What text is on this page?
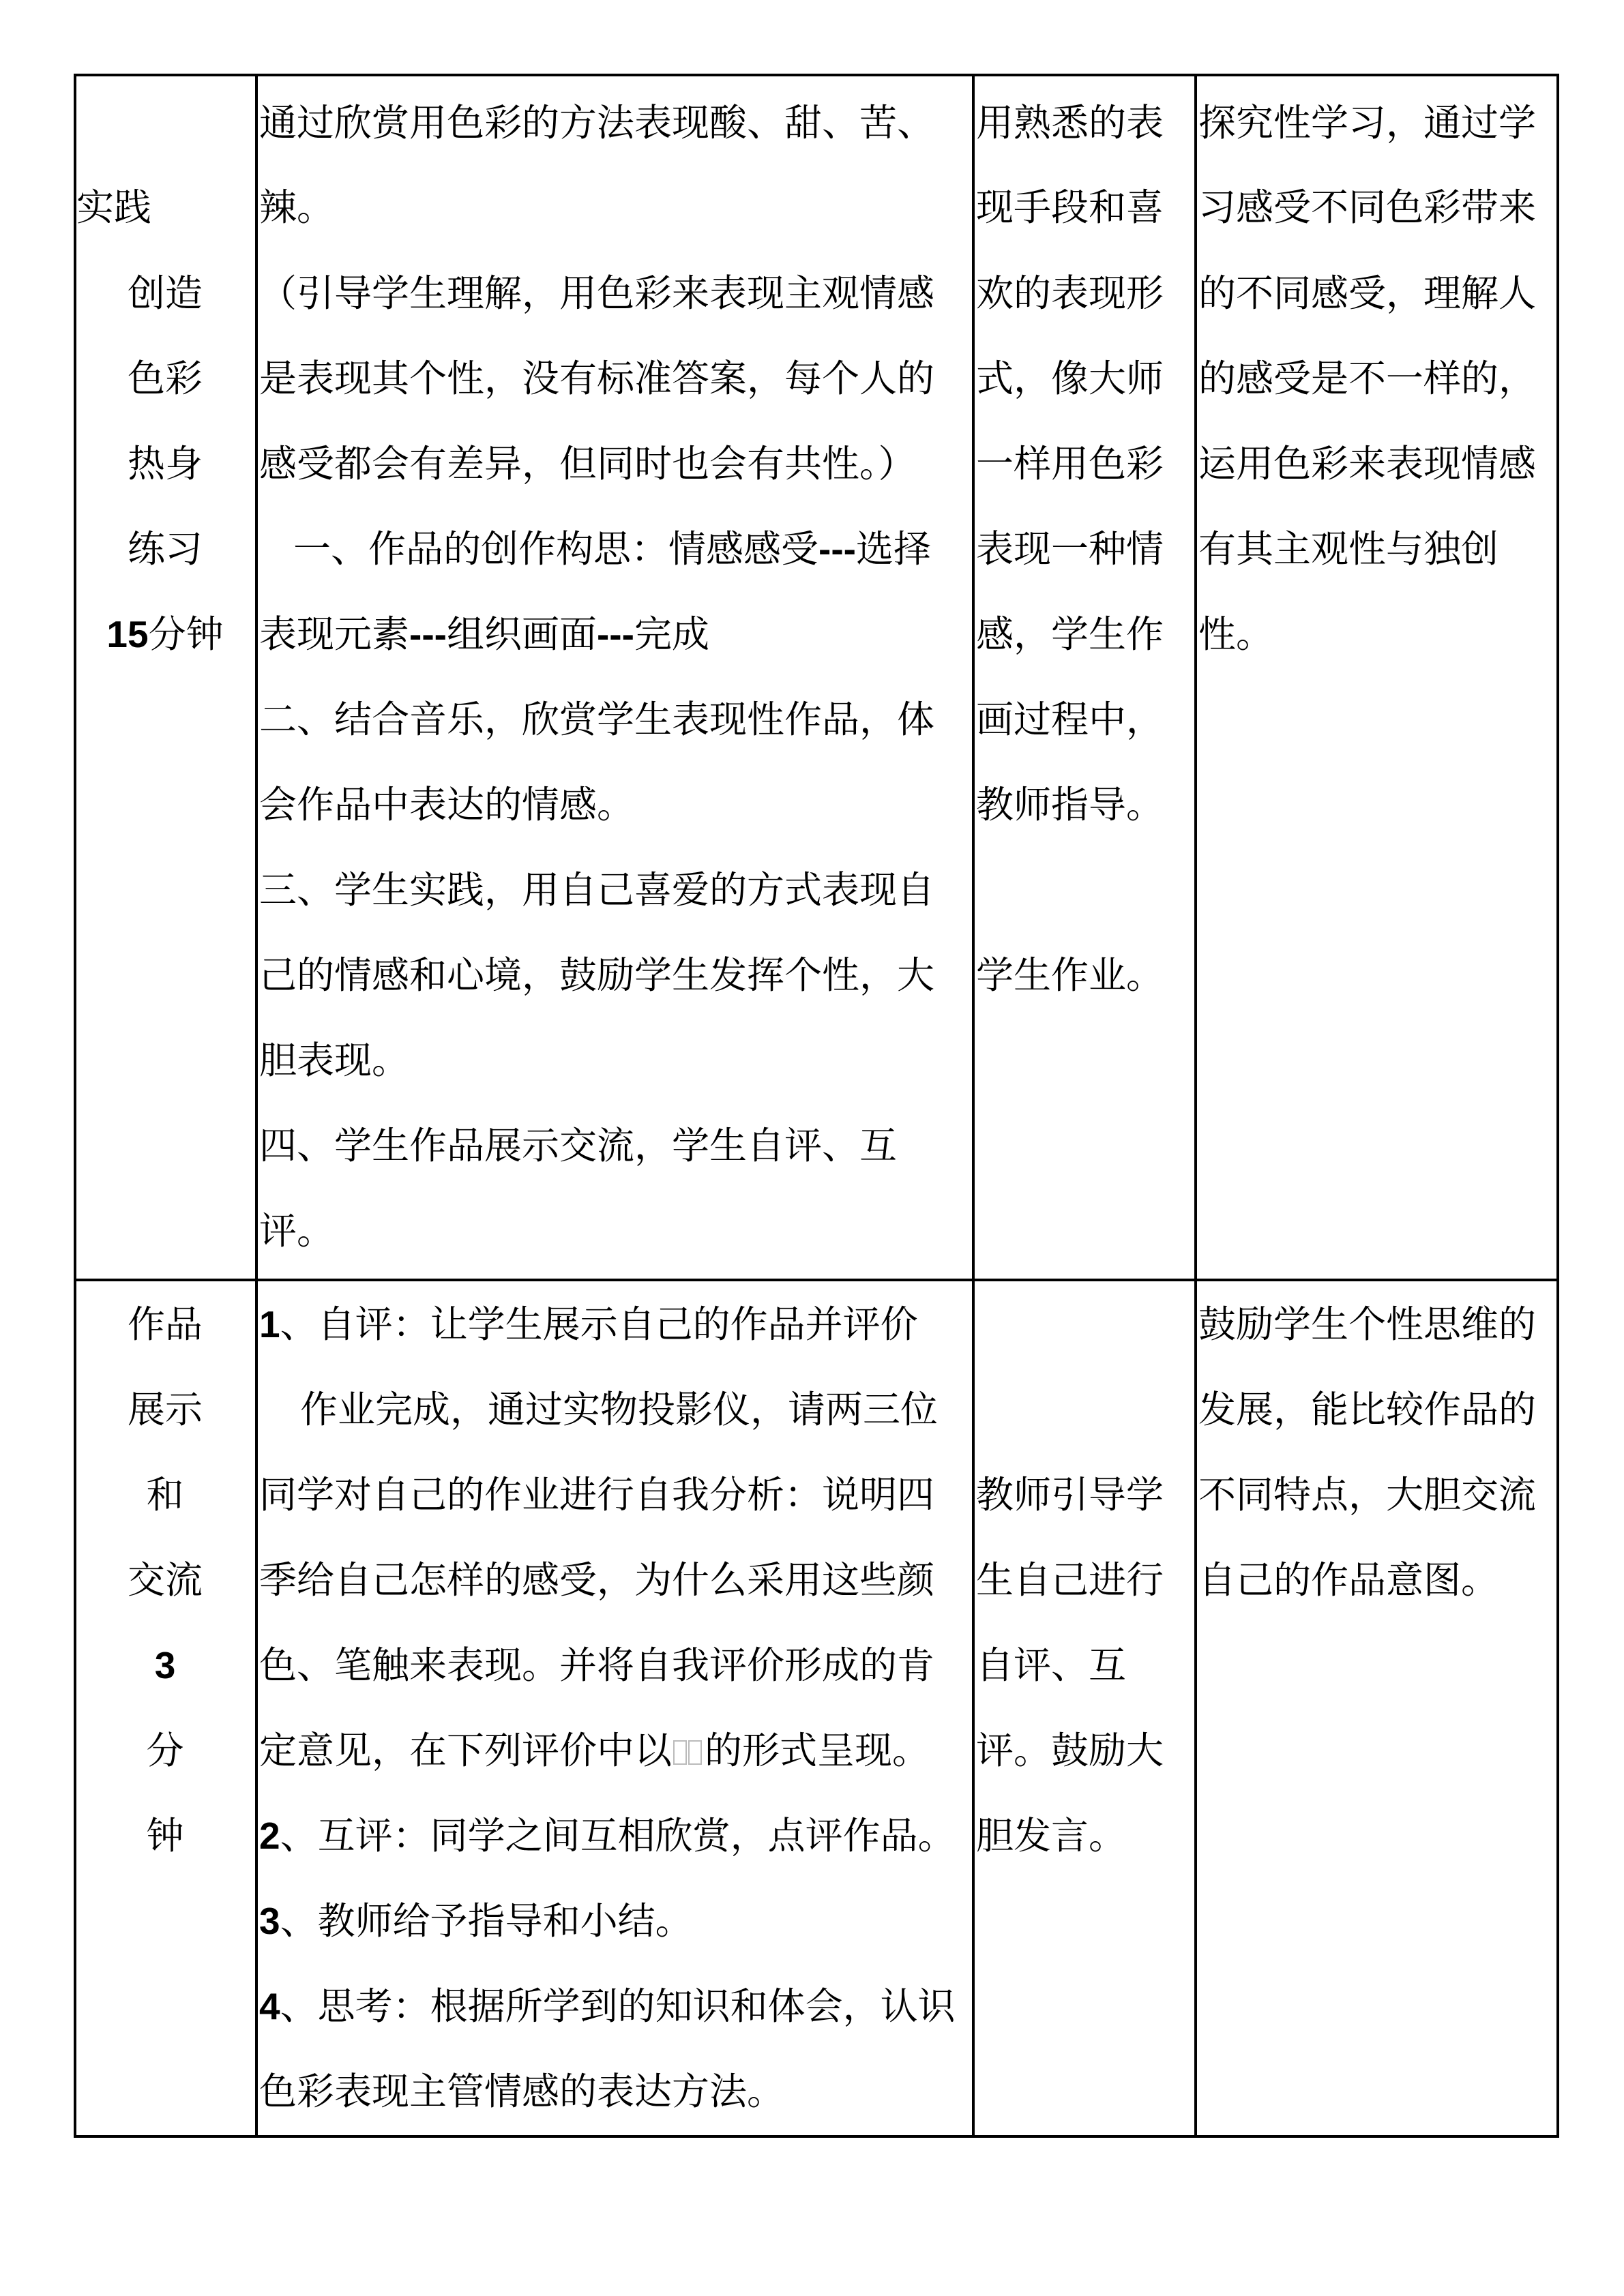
实践
创造
色彩
热身
练习
15分钟
通过欣赏用色彩的方法表现酸、甜、苦、
辣。
（引导学生理解，用色彩来表现主观情感
是表现其个性，没有标准答案，每个人的
感受都会有差异，但同时也会有共性。）
一、作品的创作构思：情感感受---选择
表现元素---组织画面---完成
二、结合音乐，欣赏学生表现性作品，体
会作品中表达的情感。
三、学生实践，用自己喜爱的方式表现自
己的情感和心境，鼓励学生发挥个性，大
胆表现。
四、学生作品展示交流，学生自评、互
评。
用熟悉的表
现手段和喜
欢的表现形
式，像大师
一样用色彩
表现一种情
感，学生作
画过程中，
教师指导。
学生作业。
探究性学习，通过学
习感受不同色彩带来
的不同感受，理解人
的感受是不一样的，
运用色彩来表现情感
有其主观性与独创
性。
作品
展示
和
交流
3
分
钟
1、自评：让学生展示自己的作品并评价
作业完成，通过实物投影仪，请两三位
同学对自己的作业进行自我分析：说明四
季给自己怎样的感受，为什么采用这些颜
色、笔触来表现。并将自我评价形成的肯
定意见，在下列评价中以 的形式呈现。
2、互评：同学之间互相欣赏，点评作品。
3、教师给予指导和小结。
4、思考：根据所学到的知识和体会，认识
色彩表现主管情感的表达方法。
教师引导学
生自己进行
自评、互
评。鼓励大
胆发言。
鼓励学生个性思维的
发展，能比较作品的
不同特点，大胆交流
自己的作品意图。
